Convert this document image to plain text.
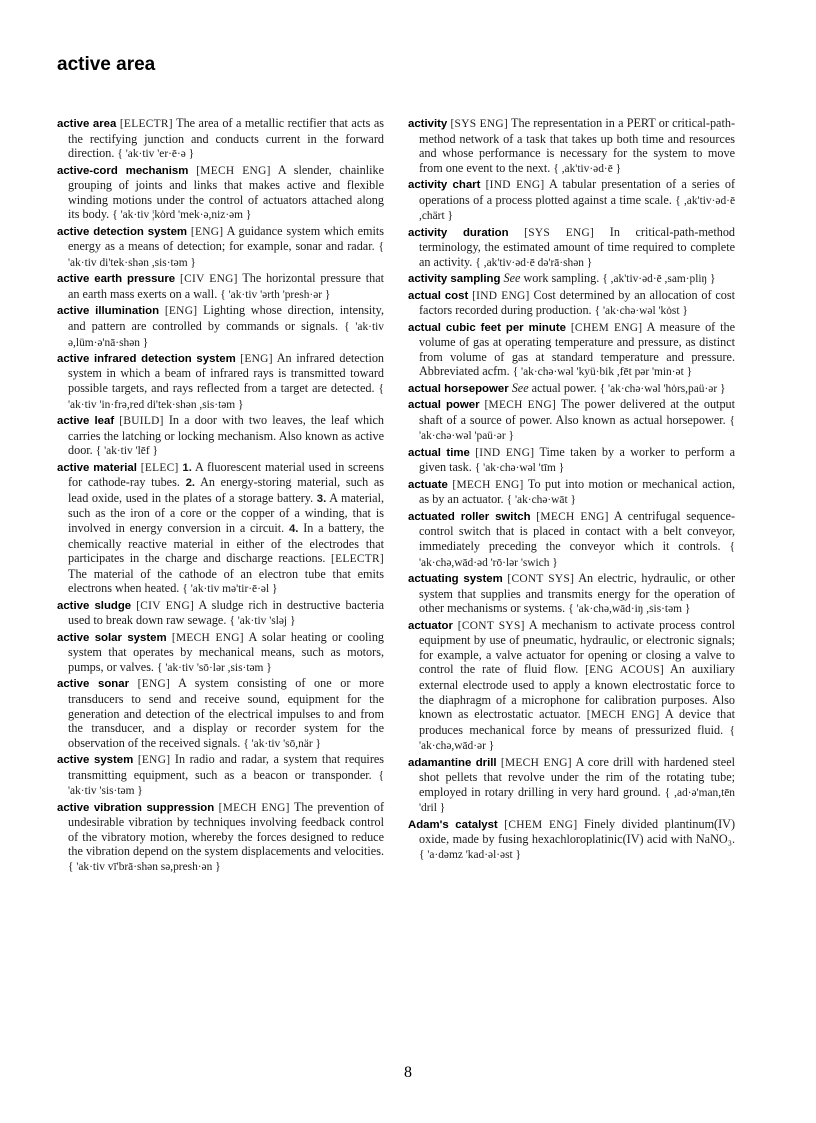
active area

active area [ELECTR] The area of a metallic rectifier that acts as the rectifying junction and conducts current in the forward direction. { 'ak·tiv 'er·ē·ə }

active-cord mechanism [MECH ENG] A slender, chainlike grouping of joints and links that makes active and flexible winding motions under the control of actuators attached along its body. { 'ak·tiv ¦kȯrd 'mek·ə,niz·əm }

active detection system [ENG] A guidance system which emits energy as a means of detection; for example, sonar and radar. { 'ak·tiv di'tek·shən ,sis·təm }

active earth pressure [CIV ENG] The horizontal pressure that an earth mass exerts on a wall. { 'ak·tiv 'ərth 'presh·ər }

active illumination [ENG] Lighting whose direction, intensity, and pattern are controlled by commands or signals. { 'ak·tiv ə,lüm·ə'nā·shən }

active infrared detection system [ENG] An infrared detection system in which a beam of infrared rays is transmitted toward possible targets, and rays reflected from a target are detected. { 'ak·tiv 'in·frə,red di'tek·shən ,sis·təm }

active leaf [BUILD] In a door with two leaves, the leaf which carries the latching or locking mechanism. Also known as active door. { 'ak·tiv 'lēf }

active material [ELEC] 1. A fluorescent material used in screens for cathode-ray tubes. 2. An energy-storing material, such as lead oxide, used in the plates of a storage battery. 3. A material, such as the iron of a core or the copper of a winding, that is involved in energy conversion in a circuit. 4. In a battery, the chemically reactive material in either of the electrodes that participates in the charge and discharge reactions. [ELECTR] The material of the cathode of an electron tube that emits electrons when heated. { 'ak·tiv mə'tir·ē·əl }

active sludge [CIV ENG] A sludge rich in destructive bacteria used to break down raw sewage. { 'ak·tiv 'sləj }

active solar system [MECH ENG] A solar heating or cooling system that operates by mechanical means, such as motors, pumps, or valves. { 'ak·tiv 'sō·lər ,sis·təm }

active sonar [ENG] A system consisting of one or more transducers to send and receive sound, equipment for the generation and detection of the electrical impulses to and from the transducer, and a display or recorder system for the observation of the received signals. { 'ak·tiv 'sō,när }

active system [ENG] In radio and radar, a system that requires transmitting equipment, such as a beacon or transponder. { 'ak·tiv 'sis·təm }

active vibration suppression [MECH ENG] The prevention of undesirable vibration by techniques involving feedback control of the vibratory motion, whereby the forces designed to reduce the vibration depend on the system displacements and velocities. { 'ak·tiv vī'brā·shən sə,presh·ən }

activity [SYS ENG] The representation in a PERT or critical-path-method network of a task that takes up both time and resources and whose performance is necessary for the system to move from one event to the next. { ,ak'tiv·əd·ē }

activity chart [IND ENG] A tabular presentation of a series of operations of a process plotted against a time scale. { ,ak'tiv·əd·ē ,chärt }

activity duration [SYS ENG] In critical-path-method terminology, the estimated amount of time required to complete an activity. { ,ak'tiv·əd·ē də'rā·shən }

activity sampling See work sampling. { ,ak'tiv·əd·ē ,sam·pliŋ }

actual cost [IND ENG] Cost determined by an allocation of cost factors recorded during production. { 'ak·chə·wəl 'kȯst }

actual cubic feet per minute [CHEM ENG] A measure of the volume of gas at operating temperature and pressure, as distinct from volume of gas at standard temperature and pressure. Abbreviated acfm. { 'ak·chə·wəl 'kyü·bik ,fēt pər 'min·ət }

actual horsepower See actual power. { 'ak·chə·wəl 'hȯrs,paü·ər }

actual power [MECH ENG] The power delivered at the output shaft of a source of power. Also known as actual horsepower. { 'ak·chə·wəl 'paü·ər }

actual time [IND ENG] Time taken by a worker to perform a given task. { 'ak·chə·wəl 'tīm }

actuate [MECH ENG] To put into motion or mechanical action, as by an actuator. { 'ak·chə·wāt }

actuated roller switch [MECH ENG] A centrifugal sequence-control switch that is placed in contact with a belt conveyor, immediately preceding the conveyor which it controls. { 'ak·chə,wād·əd 'rō·lər 'swich }

actuating system [CONT SYS] An electric, hydraulic, or other system that supplies and transmits energy for the operation of other mechanisms or systems. { 'ak·chə,wād·iŋ ,sis·təm }

actuator [CONT SYS] A mechanism to activate process control equipment by use of pneumatic, hydraulic, or electronic signals; for example, a valve actuator for opening or closing a valve to control the rate of fluid flow. [ENG ACOUS] An auxiliary external electrode used to apply a known electrostatic force to the diaphragm of a microphone for calibration purposes. Also known as electrostatic actuator. [MECH ENG] A device that produces mechanical force by means of pressurized fluid. { 'ak·chə,wād·ər }

adamantine drill [MECH ENG] A core drill with hardened steel shot pellets that revolve under the rim of the rotating tube; employed in rotary drilling in very hard ground. { ,ad·ə'man,tēn 'dril }

Adam's catalyst [CHEM ENG] Finely divided plantinum(IV) oxide, made by fusing hexachloroplatinic(IV) acid with NaNO₃. { 'a·dəmz 'kad·əl·əst }

8
